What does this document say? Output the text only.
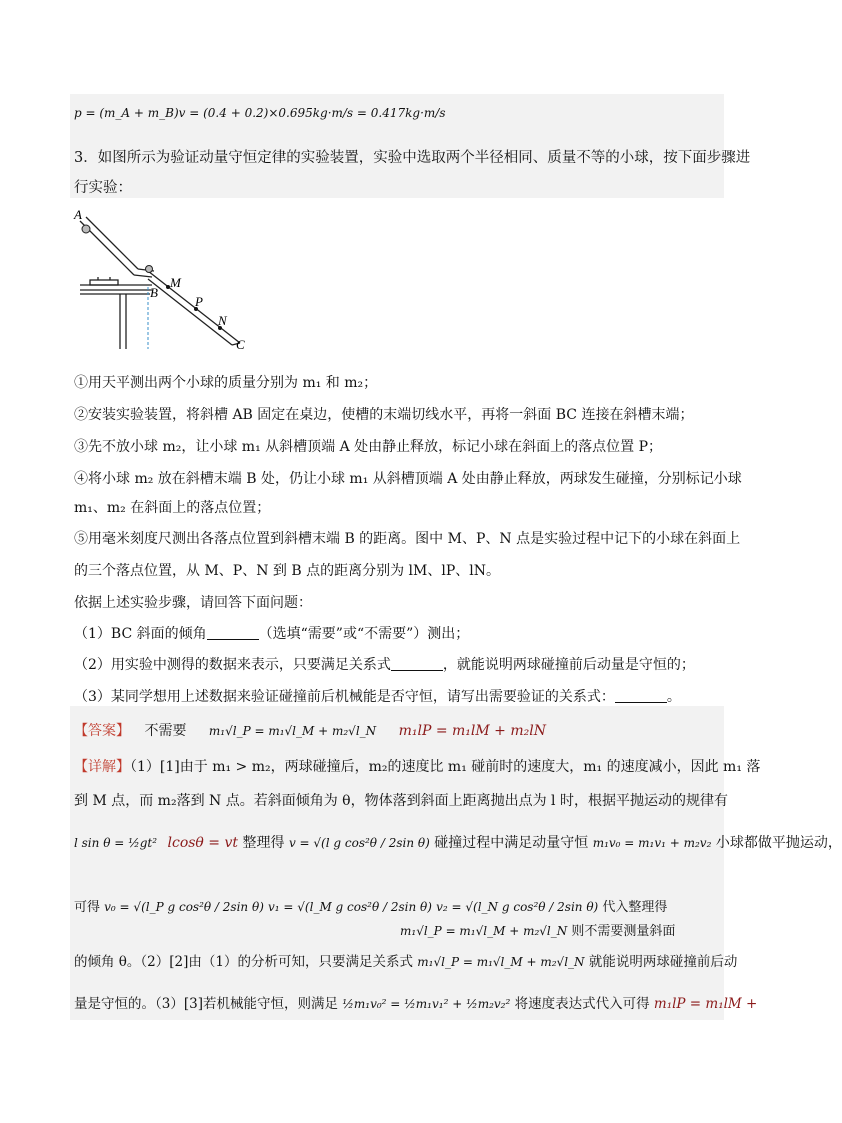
p = (m_A + m_B)v = (0.4 + 0.2)×0.695kg·m/s = 0.417kg·m/s
3．如图所示为验证动量守恒定律的实验装置，实验中选取两个半径相同、质量不等的小球，按下面步骤进
行实验：
A
B
M
P
N
C
①用天平测出两个小球的质量分别为 m₁ 和 m₂；
②安装实验装置，将斜槽 AB 固定在桌边，使槽的末端切线水平，再将一斜面 BC 连接在斜槽末端；
③先不放小球 m₂，让小球 m₁ 从斜槽顶端 A 处由静止释放，标记小球在斜面上的落点位置 P；
④将小球 m₂ 放在斜槽末端 B 处，仍让小球 m₁ 从斜槽顶端 A 处由静止释放，两球发生碰撞，分别标记小球
m₁、m₂ 在斜面上的落点位置；
⑤用毫米刻度尺测出各落点位置到斜槽末端 B 的距离。图中 M、P、N 点是实验过程中记下的小球在斜面上
的三个落点位置，从 M、P、N 到 B 点的距离分别为 lM、lP、lN。
依据上述实验步骤，请回答下面问题：
（1）BC 斜面的倾角	（选填“需要”或“不需要”）测出；
（2）用实验中测得的数据来表示，只要满足关系式	，就能说明两球碰撞前后动量是守恒的；
（3）某同学想用上述数据来验证碰撞前后机械能是否守恒，请写出需要验证的关系式：	。
【答案】 不需要 m₁√l_P = m₁√l_M + m₂√l_N m₁lP = m₁lM + m₂lN
【详解】（1）[1]由于 m₁ > m₂，两球碰撞后，m₂的速度比 m₁ 碰前时的速度大，m₁ 的速度减小，因此 m₁ 落
到 M 点，而 m₂落到 N 点。若斜面倾角为 θ，物体落到斜面上距离抛出点为 l 时，根据平抛运动的规律有
l sin θ = ½gt² lcosθ = vt 整理得 v = √(l g cos²θ / 2sin θ) 碰撞过程中满足动量守恒 m₁v₀ = m₁v₁ + m₂v₂ 小球都做平抛运动，
可得 v₀ = √(l_P g cos²θ / 2sin θ) v₁ = √(l_M g cos²θ / 2sin θ) v₂ = √(l_N g cos²θ / 2sin θ) 代入整理得
m₁√l_P = m₁√l_M + m₂√l_N 则不需要测量斜面
的倾角 θ。（2）[2]由（1）的分析可知，只要满足关系式 m₁√l_P = m₁√l_M + m₂√l_N 就能说明两球碰撞前后动
量是守恒的。（3）[3]若机械能守恒，则满足 ½m₁v₀² = ½m₁v₁² + ½m₂v₂² 将速度表达式代入可得 m₁lP = m₁lM +
